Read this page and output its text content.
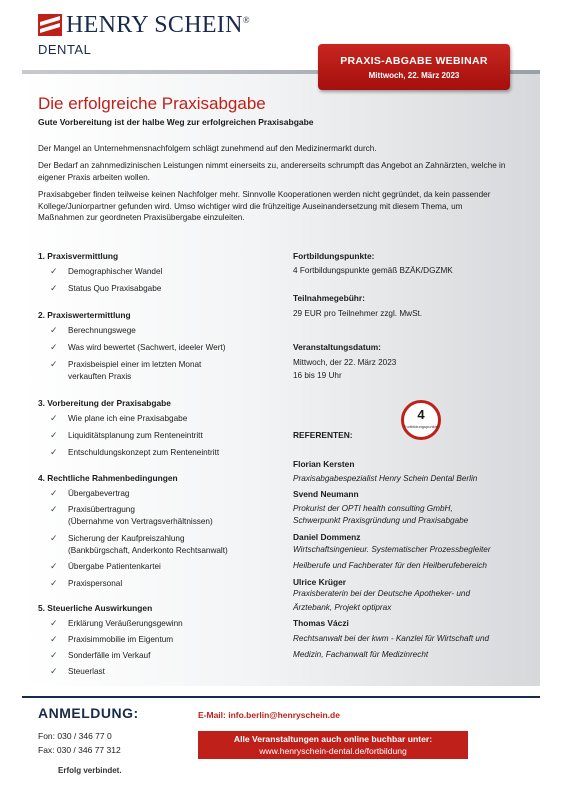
HENRY SCHEIN®
DENTAL
PRAXIS-ABGABE WEBINAR
Mittwoch, 22. März 2023
Die erfolgreiche Praxisabgabe
Gute Vorbereitung ist der halbe Weg zur erfolgreichen Praxisabgabe
Der Mangel an Unternehmensnachfolgern schlägt zunehmend auf den Medizinermarkt durch.
Der Bedarf an zahnmedizinischen Leistungen nimmt einerseits zu, andererseits schrumpft das Angebot an Zahnärzten, welche in eigener Praxis arbeiten wollen.
Praxisabgeber finden teilweise keinen Nachfolger mehr. Sinnvolle Kooperationen werden nicht gegründet, da kein passender Kollege/Juniorpartner gefunden wird. Umso wichtiger wird die frühzeitige Auseinandersetzung mit diesem Thema, um Maßnahmen zur geordneten Praxisübergabe einzuleiten.
1. Praxisvermittlung
✓ Demographischer Wandel
✓ Status Quo Praxisabgabe
2. Praxiswertermittlung
✓ Berechnungswege
✓ Was wird bewertet (Sachwert, ideeler Wert)
✓ Praxisbeispiel einer im letzten Monat
verkauften Praxis
3. Vorbereitung der Praxisabgabe
✓ Wie plane ich eine Praxisabgabe
✓ Liquiditätsplanung zum Renteneintritt
✓ Entschuldungskonzept zum Renteneintritt
4. Rechtliche Rahmenbedingungen
✓ Übergabevertrag
✓ Praxisübertragung
(Übernahme von Vertragsverhältnissen)
✓ Sicherung der Kaufpreiszahlung
(Bankbürgschaft, Anderkonto Rechtsanwalt)
✓ Übergabe Patientenkartei
✓ Praxispersonal
5. Steuerliche Auswirkungen
✓ Erklärung Veräußerungsgewinn
✓ Praxisimmobilie im Eigentum
✓ Sonderfälle im Verkauf
✓ Steuerlast
Fortbildungspunkte:
4 Fortbildungspunkte gemäß BZÄK/DGZMK
Teilnahmegebühr:
29 EUR pro Teilnehmer zzgl. MwSt.
Veranstaltungsdatum:
Mittwoch, der 22. März 2023
16 bis 19 Uhr
4
Fortbildungspunkte
REFERENTEN:
Florian Kersten
Praxisabgabespezialist Henry Schein Dental Berlin
Svend Neumann
Prokurist der OPTI health consulting GmbH,
Schwerpunkt Praxisgründung und Praxisabgabe
Daniel Dommenz
Wirtschaftsingenieur. Systematischer Prozessbegleiter
Heilberufe und Fachberater für den Heilberufebereich
Ulrice Krüger
Praxisberaterin bei der Deutsche Apotheker- und
Ärztebank, Projekt optiprax
Thomas Váczi
Rechtsanwalt bei der kwm - Kanzlei für Wirtschaft und
Medizin, Fachanwalt für Medizinrecht
ANMELDUNG:	E-Mail: info.berlin@henryschein.de
Fon: 030 / 346 77 0
Fax: 030 / 346 77 312
Erfolg verbindet.
Alle Veranstaltungen auch online buchbar unter:
www.henryschein-dental.de/fortbildung
